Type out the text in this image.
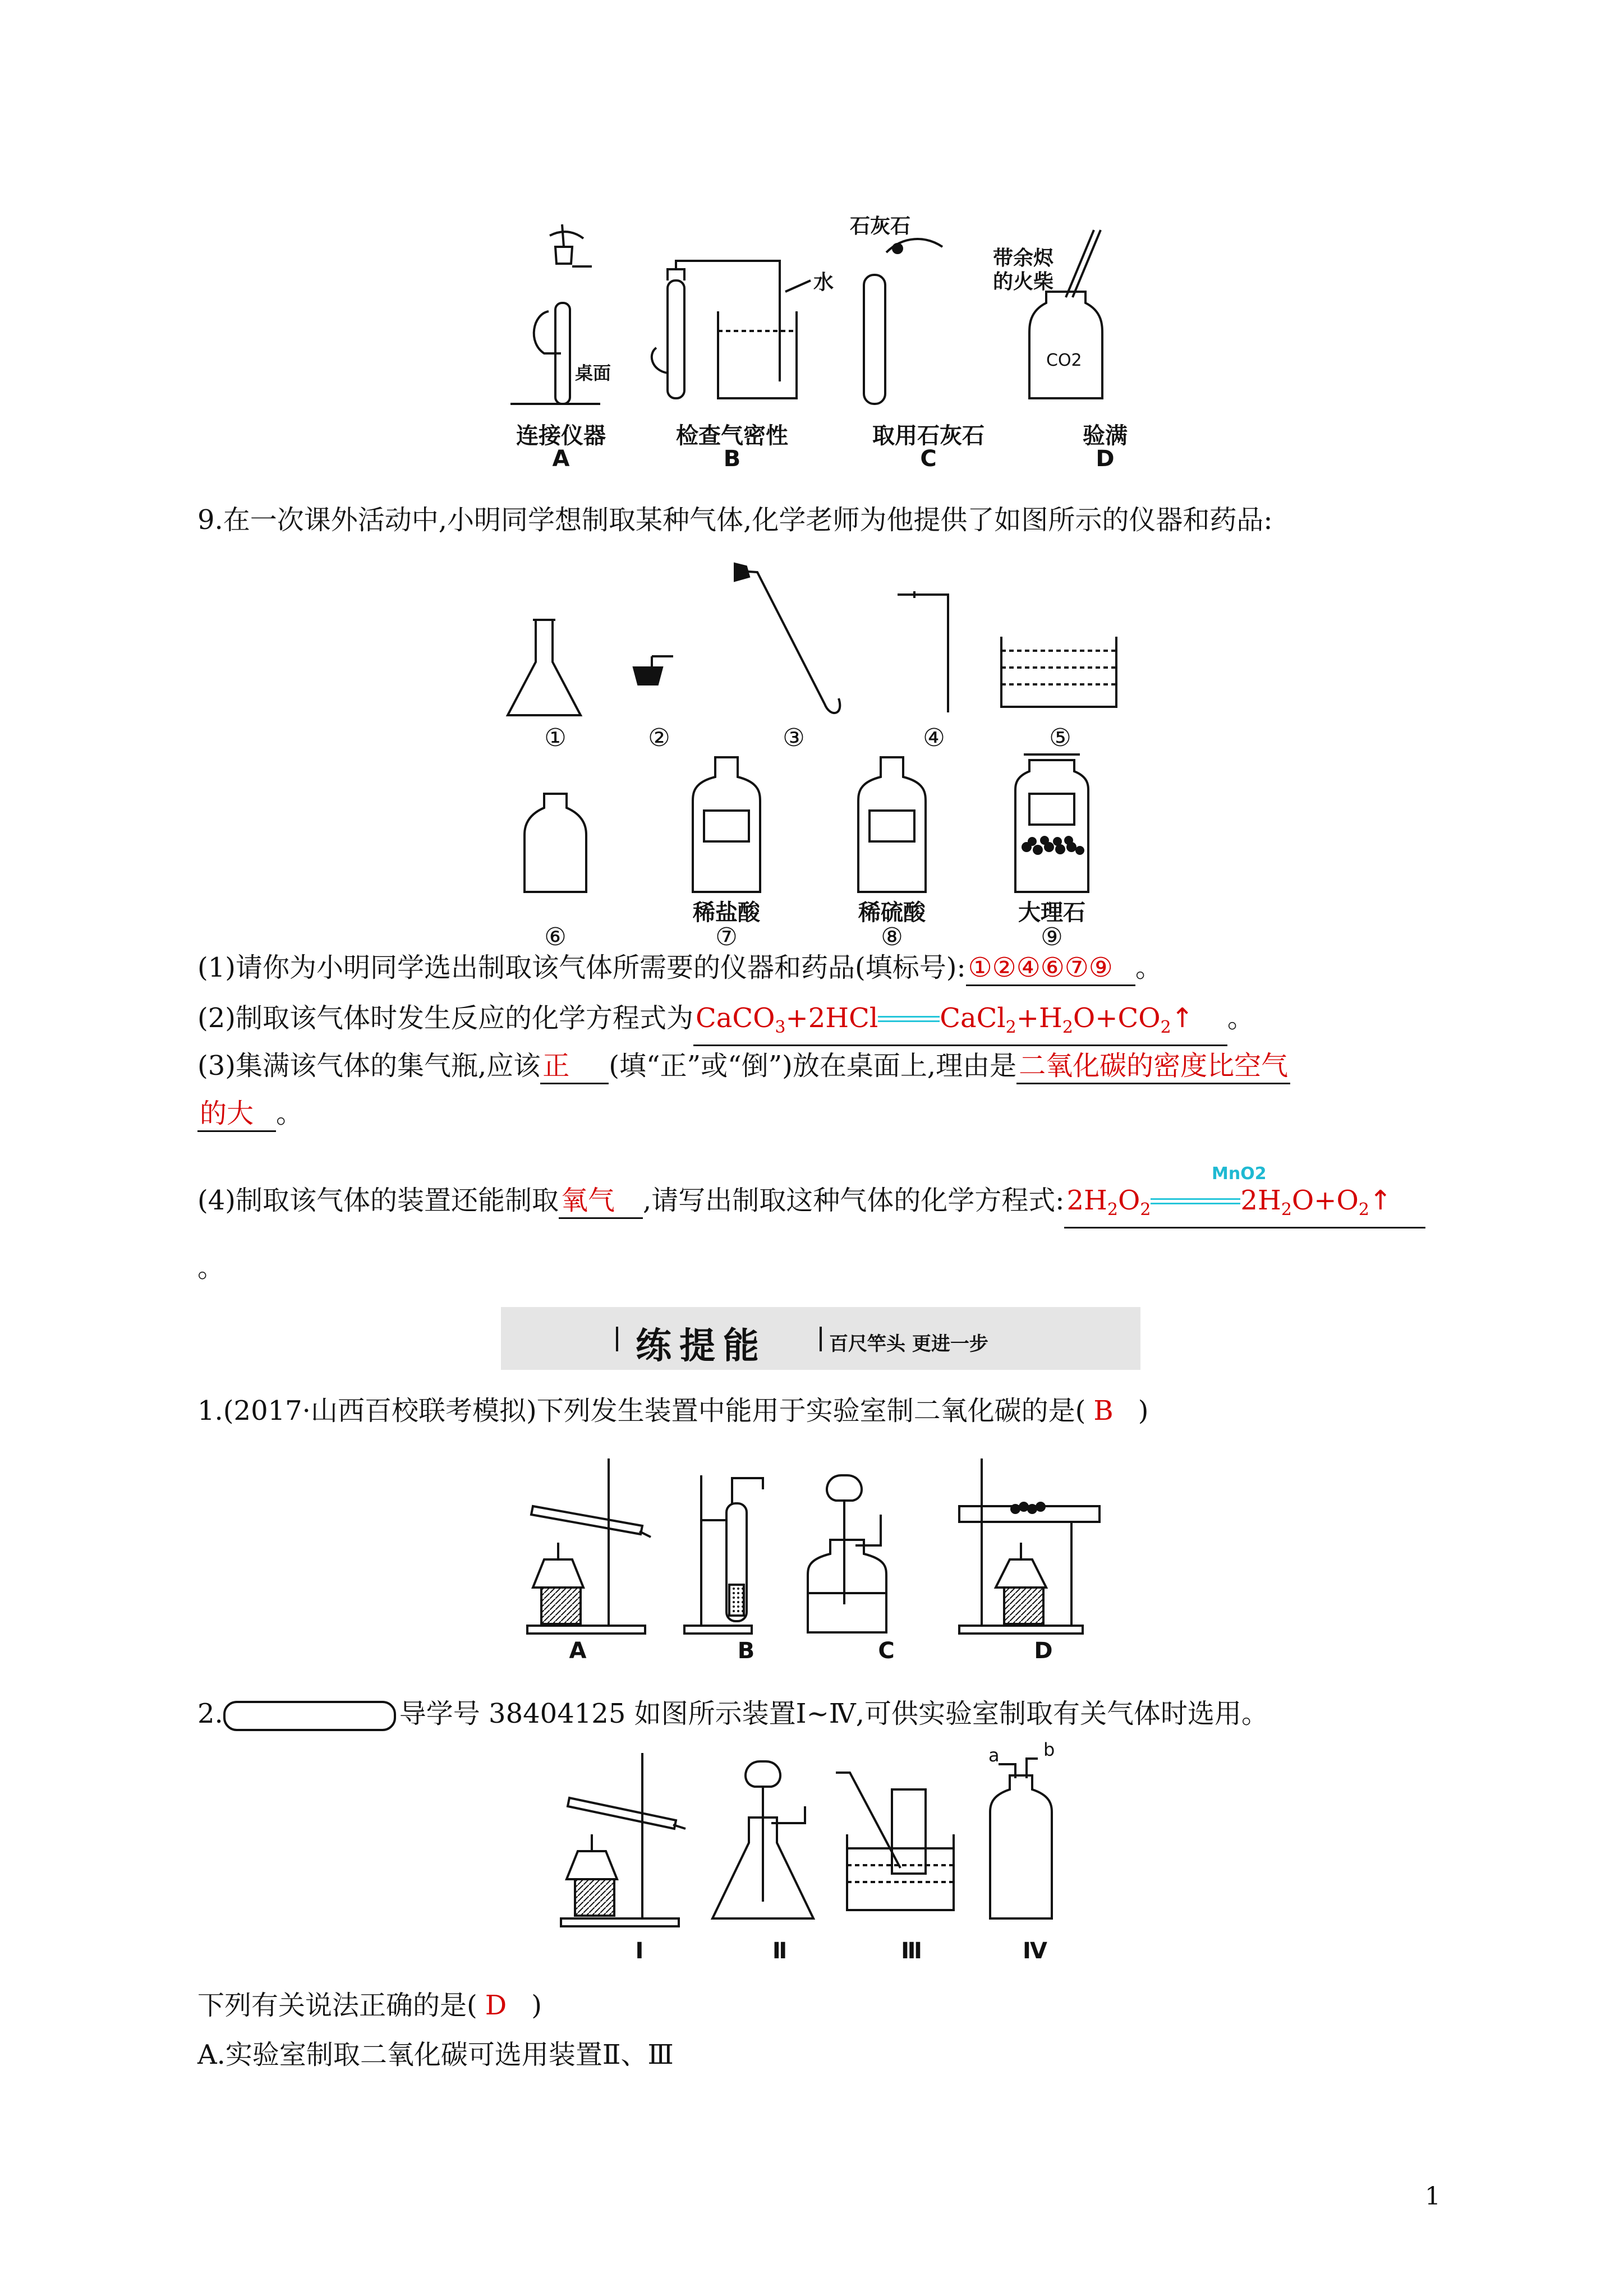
石灰石
带余烬的火柴
桌面
水
CO2
连接仪器
A
检查气密性
B
取用石灰石
C
验满
D
9.在一次课外活动中,小明同学想制取某种气体,化学老师为他提供了如图所示的仪器和药品:
①	②	③	④	⑤
稀盐酸	稀硫酸	大理石
⑥	⑦	⑧	⑨
(1)请你为小明同学选出制取该气体所需要的仪器和药品(填标号):①②④⑥⑦⑨ 。
(2)制取该气体时发生反应的化学方程式为CaCO$_3$+2HCl $CaCl_2+H_2O+CO_2↑$ 。
(3)集满该气体的集气瓶,应该正 (填“正”或“倒”)放在桌面上,理由是二氧化碳的密度比空气
的大 。
(4)制取该气体的装置还能制取氧气 ,请写出制取这种气体的化学方程式$:2H_2O_2$	$2H_2O+O_2↑$
MnO2
。
练提能	百尺竿头 更进一步
1.(2017·山西百校联考模拟)下列发生装置中能用于实验室制二氧化碳的是( B )
A	B	C	D
2.	导学号 38404125 如图所示装置Ⅰ~Ⅳ,可供实验室制取有关气体时选用。
a b
Ⅰ	Ⅱ	Ⅲ	Ⅳ
下列有关说法正确的是( D )
A.实验室制取二氧化碳可选用装置Ⅱ、Ⅲ
1
